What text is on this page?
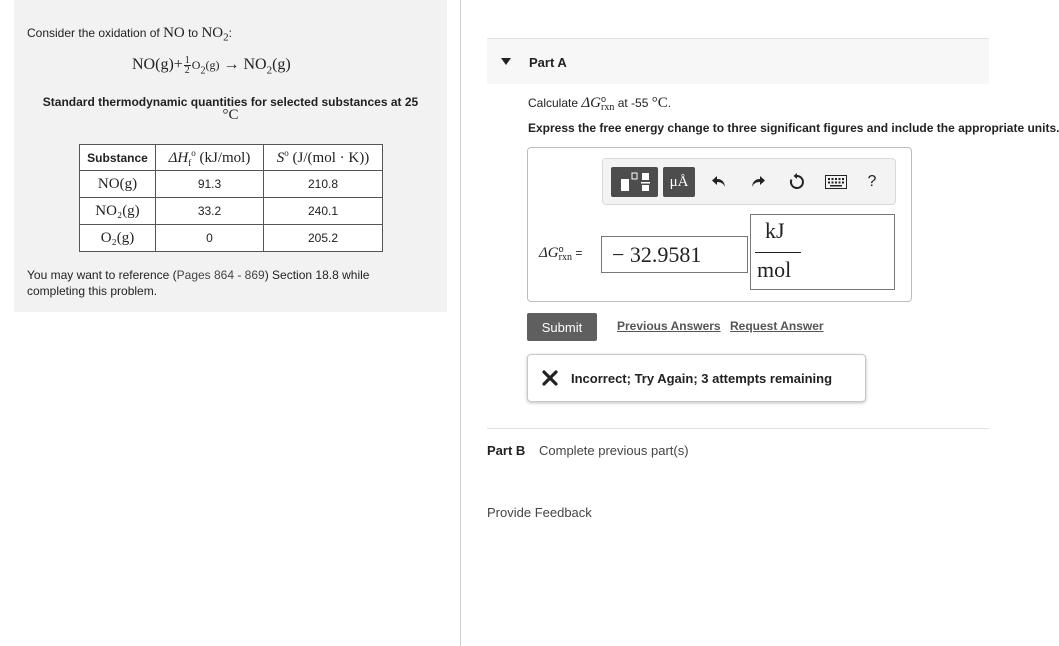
Consider the oxidation of NO to $NO_2$:
$NO(g)+ \frac{1}{2} O_2(g) \to NO_2(g)$
Standard thermodynamic quantities for selected substances at 25
°C
Substance	$\Delta H_f^o$ (kJ/mol)	$S^o$ (J/(mol · K))
NO(g)	91.3	210.8
NO₂(g)	33.2	240.1
O₂(g)	0	205.2
You may want to reference (Pages 864 - 869) Section 18.8 while completing this problem.
Part A
Calculate $\Delta G^o_{rxn}$ at -55 °C.
Express the free energy change to three significant figures and include the appropriate units.
μÅ	?
$\Delta G^o_{rxn}$ =	− 32.9581
kJ
mol
Submit	Previous Answers Request Answer
Incorrect; Try Again; 3 attempts remaining
Part B Complete previous part(s)
Provide Feedback
